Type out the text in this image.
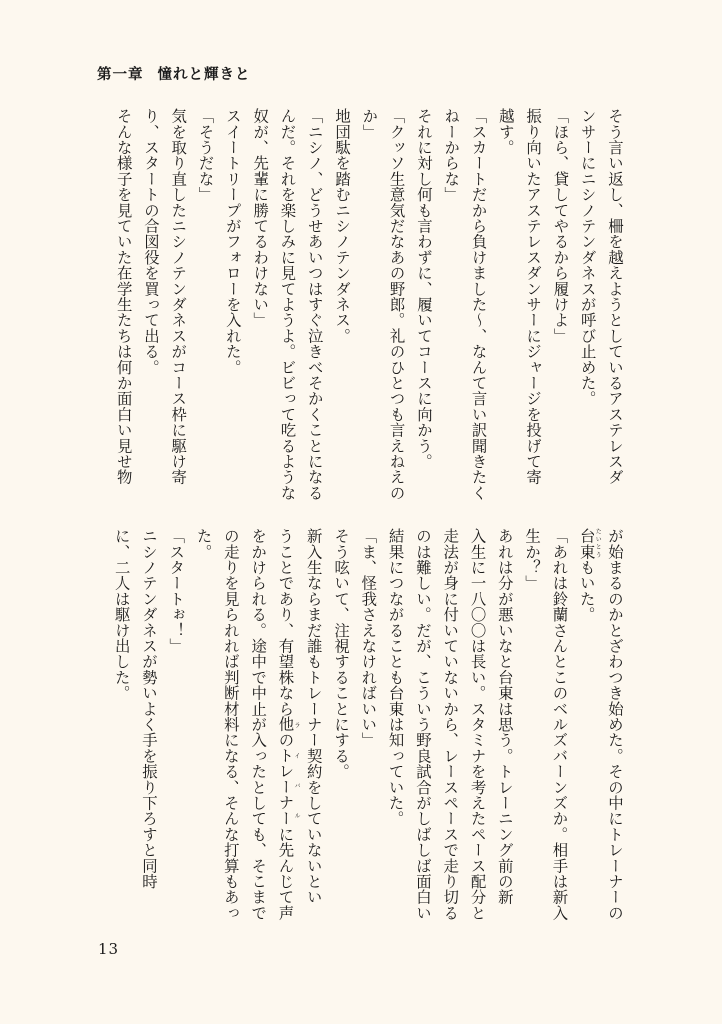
第一章 憧れと輝きと
そう言い返し、柵を越えようとしているアステレスダ
ンサーにニシノテンダネスが呼び止めた。
「ほら、貸してやるから履けよ」
振り向いたアステレスダンサーにジャージを投げて寄
越す。
「スカートだから負けました～、なんて言い訳聞きたく
ねーからな」
それに対し何も言わずに、履いてコースに向かう。
「クッソ生意気だなあの野郎。礼のひとつも言えねえの
か」
地団駄を踏むニシノテンダネス。
「ニシノ、どうせあいつはすぐ泣きべそかくことになる
んだ。それを楽しみに見てようよ。ビビって吃るような
奴が、先輩に勝てるわけない」
スイートリープがフォローを入れた。
「そうだな」
気を取り直したニシノテンダネスがコース枠に駆け寄
り、スタートの合図役を買って出る。
そんな様子を見ていた在学生たちは何か面白い見せ物
が始まるのかとざわつき始めた。その中にトレーナーの
台東たいとうもいた。
「あれは鈴蘭さんとこのベルズバーンズか。相手は新入
生か？」
あれは分が悪いなと台東は思う。トレーニング前の新
入生に一八〇〇は長い。スタミナを考えたペース配分と
走法が身に付いていないから、レースペースで走り切る
のは難しい。だが、こういう野良試合がしばしば面白い
結果につながることも台東は知っていた。
「ま、怪我さえなければいい」
そう呟いて、注視することにする。
新入生ならまだ誰もトレーナー契約をしていないとい
うことであり、有望株なら他のトレーナーライバルに先んじて声
をかけられる。途中で中止が入ったとしても、そこまで
の走りを見られれば判断材料になる、そんな打算もあっ
た。
「スタートぉ！」
ニシノテンダネスが勢いよく手を振り下ろすと同時
に、二人は駆け出した。
13
